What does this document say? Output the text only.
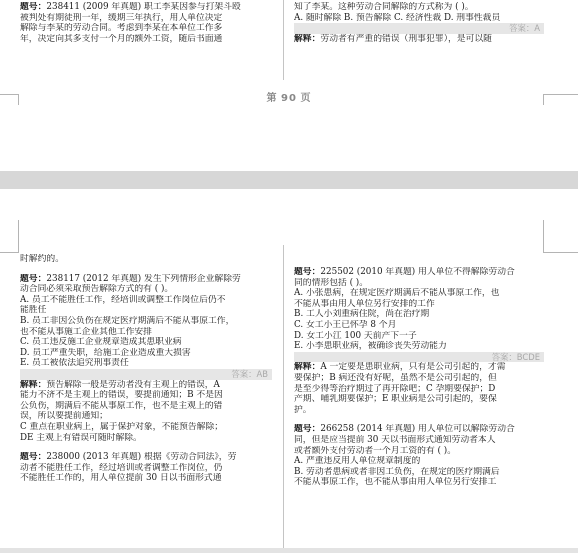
题号：238411 (2009 年真题) 职工李某因参与打架斗殴
被判处有期徒刑一年，缓期三年执行，用人单位决定
解除与李某的劳动合同。考虑到李某在本单位工作多
年，决定向其多支付一个月的额外工资，随后书面通
知了李某。这种劳动合同解除的方式称为 ( )。
A. 随时解除 B. 预告解除 C. 经济性裁 D. 刑事性裁员
答案：A
解释：劳动者有严重的错误（刑事犯罪），是可以随
第 90 页
时解约的。
题号：238117 (2012 年真题) 发生下列情形企业解除劳
动合同必须采取预告解除方式的有 ( )。
A. 员工不能胜任工作，经培训或调整工作岗位后仍不
能胜任
B. 员工非因公负伤在规定医疗期满后不能从事原工作，
也不能从事施工企业其他工作安排
C. 员工违反施工企业规章造成其患职业病
D. 员工严重失职，给施工企业造成重大损害
E. 员工被依法追究刑事责任
答案：AB
解释：预告解除一般是劳动者没有主观上的错误，A
能力不济不是主观上的错误，要提前通知；B 不是因
公负伤，期满后不能从事原工作，也不是主观上的错
误，所以要提前通知；
C 重点在职业病上，属于保护对象，不能预告解除；
DE 主观上有错误可随时解除。
题号：238000 (2013 年真题) 根据《劳动合同法》，劳
动者不能胜任工作，经过培训或者调整工作岗位，仍
不能胜任工作的，用人单位提前 30 日以书面形式通
题号：225502 (2010 年真题) 用人单位不得解除劳动合
同的情形包括 ( )。
A. 小张患病，在规定医疗期满后不能从事原工作，也
不能从事由用人单位另行安排的工作
B. 工人小刘重病住院，尚在治疗期
C. 女工小王已怀孕 8 个月
D. 女工小江 100 天前产下一子
E. 小李患职业病，被确诊丧失劳动能力
答案：BCDE
解释：A 一定要是患职业病，只有是公司引起的，才需
要保护；B 病还没有好呢，虽然不是公司引起的，但
是至少得等治疗期过了再开除吧；C 孕期要保护；D
产期、哺乳期要保护；E 职业病是公司引起的，要保
护。
题号：266258 (2014 年真题) 用人单位可以解除劳动合
同，但是应当提前 30 天以书面形式通知劳动者本人
或者额外支付劳动者一个月工资的有 ( )。
A. 严重违反用人单位规章制度的
B. 劳动者患病或者非因工负伤，在规定的医疗期满后
不能从事原工作，也不能从事由用人单位另行安排工
